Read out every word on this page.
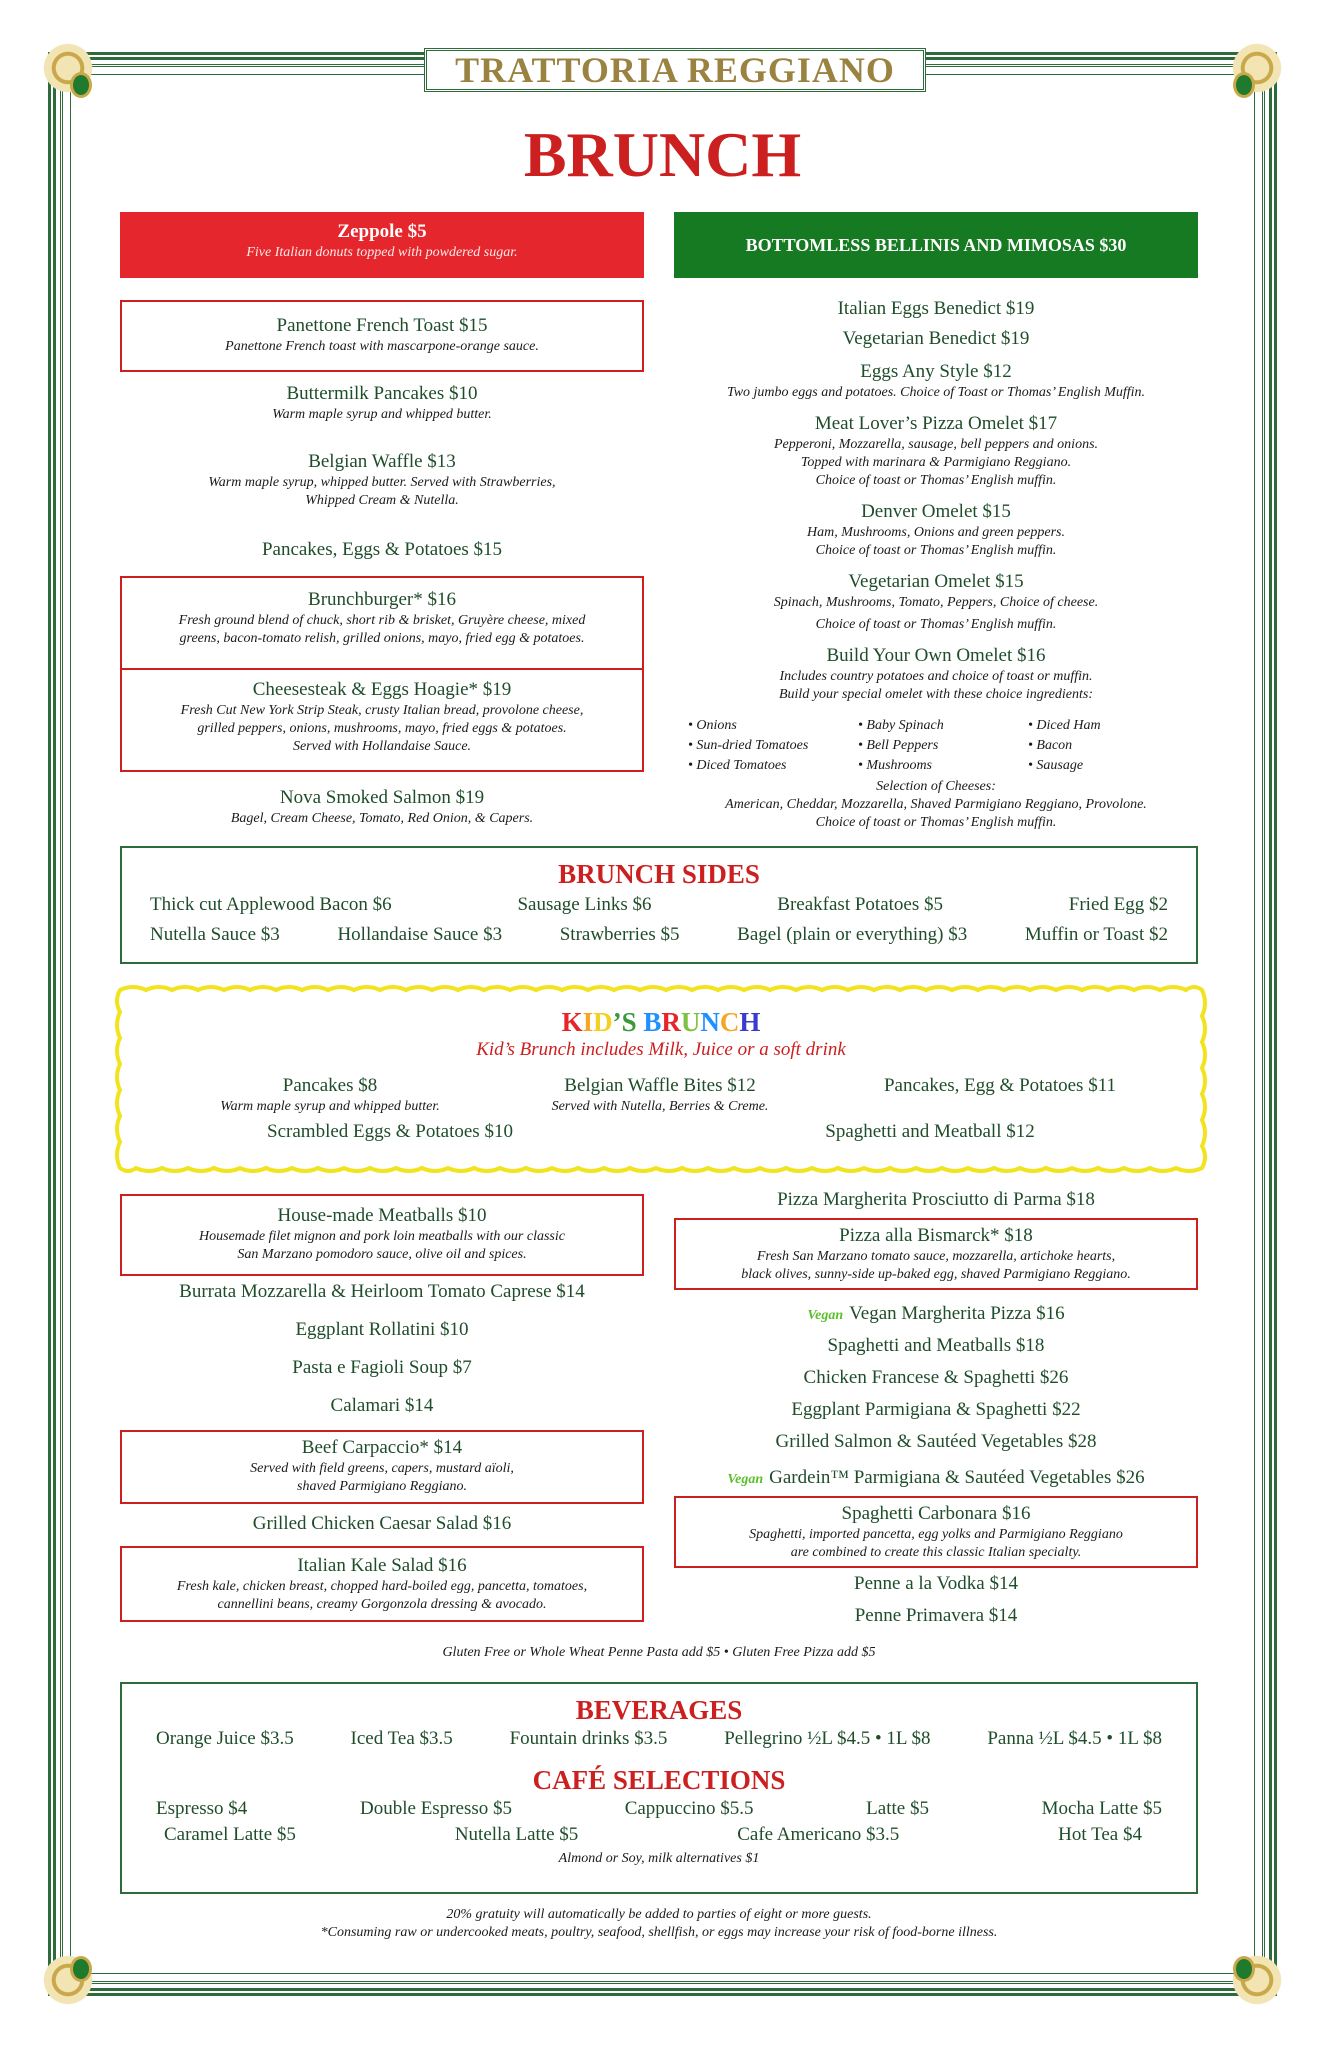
TRATTORIA REGGIANO
BRUNCH
Zeppole $5
Five Italian donuts topped with powdered sugar.	BOTTOMLESS BELLINIS AND MIMOSAS $30
Panettone French Toast $15
Panettone French toast with mascarpone-orange sauce.
Buttermilk Pancakes $10
Warm maple syrup and whipped butter.
Belgian Waffle $13
Warm maple syrup, whipped butter. Served with Strawberries,
Whipped Cream & Nutella.
Pancakes, Eggs & Potatoes $15
Brunchburger* $16
Fresh ground blend of chuck, short rib & brisket, Gruyère cheese, mixed
greens, bacon-tomato relish, grilled onions, mayo, fried egg & potatoes.
Cheesesteak & Eggs Hoagie* $19
Fresh Cut New York Strip Steak, crusty Italian bread, provolone cheese,
grilled peppers, onions, mushrooms, mayo, fried eggs & potatoes.
Served with Hollandaise Sauce.
Nova Smoked Salmon $19
Bagel, Cream Cheese, Tomato, Red Onion, & Capers.
Italian Eggs Benedict $19
Vegetarian Benedict $19
Eggs Any Style $12
Two jumbo eggs and potatoes. Choice of Toast or Thomas’ English Muffin.
Meat Lover’s Pizza Omelet $17
Pepperoni, Mozzarella, sausage, bell peppers and onions.
Topped with marinara & Parmigiano Reggiano.
Choice of toast or Thomas’ English muffin.
Denver Omelet $15
Ham, Mushrooms, Onions and green peppers.
Choice of toast or Thomas’ English muffin.
Vegetarian Omelet $15
Spinach, Mushrooms, Tomato, Peppers, Choice of cheese.
Choice of toast or Thomas’ English muffin.
Build Your Own Omelet $16
Includes country potatoes and choice of toast or muffin.
Build your special omelet with these choice ingredients:
• Onions	• Baby Spinach	• Diced Ham
• Sun-dried Tomatoes	• Bell Peppers	• Bacon
• Diced Tomatoes	• Mushrooms	• Sausage
Selection of Cheeses:
American, Cheddar, Mozzarella, Shaved Parmigiano Reggiano, Provolone.
Choice of toast or Thomas’ English muffin.
BRUNCH SIDES
Thick cut Applewood Bacon $6	Sausage Links $6	Breakfast Potatoes $5	Fried Egg $2
Nutella Sauce $3	Hollandaise Sauce $3	Strawberries $5	Bagel (plain or everything) $3	Muffin or Toast $2
KID’S BRUNCH
Kid’s Brunch includes Milk, Juice or a soft drink
Pancakes $8
Warm maple syrup and whipped butter.
Belgian Waffle Bites $12
Served with Nutella, Berries & Creme.
Pancakes, Egg & Potatoes $11
Scrambled Eggs & Potatoes $10	Spaghetti and Meatball $12
House-made Meatballs $10
Housemade filet mignon and pork loin meatballs with our classic
San Marzano pomodoro sauce, olive oil and spices.
Burrata Mozzarella & Heirloom Tomato Caprese $14
Eggplant Rollatini $10
Pasta e Fagioli Soup $7
Calamari $14
Beef Carpaccio* $14
Served with field greens, capers, mustard aïoli,
shaved Parmigiano Reggiano.
Grilled Chicken Caesar Salad $16
Italian Kale Salad $16
Fresh kale, chicken breast, chopped hard-boiled egg, pancetta, tomatoes,
cannellini beans, creamy Gorgonzola dressing & avocado.
Pizza Margherita Prosciutto di Parma $18
Pizza alla Bismarck* $18
Fresh San Marzano tomato sauce, mozzarella, artichoke hearts,
black olives, sunny-side up-baked egg, shaved Parmigiano Reggiano.
Vegan Vegan Margherita Pizza $16
Spaghetti and Meatballs $18
Chicken Francese & Spaghetti $26
Eggplant Parmigiana & Spaghetti $22
Grilled Salmon & Sautéed Vegetables $28
Vegan Gardein™ Parmigiana & Sautéed Vegetables $26
Spaghetti Carbonara $16
Spaghetti, imported pancetta, egg yolks and Parmigiano Reggiano
are combined to create this classic Italian specialty.
Penne a la Vodka $14
Penne Primavera $14
Gluten Free or Whole Wheat Penne Pasta add $5 • Gluten Free Pizza add $5
BEVERAGES
Orange Juice $3.5	Iced Tea $3.5	Fountain drinks $3.5	Pellegrino ½L $4.5 • 1L $8	Panna ½L $4.5 • 1L $8
CAFÉ SELECTIONS
Espresso $4	Double Espresso $5	Cappuccino $5.5	Latte $5	Mocha Latte $5
Caramel Latte $5	Nutella Latte $5	Cafe Americano $3.5	Hot Tea $4
Almond or Soy, milk alternatives $1
20% gratuity will automatically be added to parties of eight or more guests.
*Consuming raw or undercooked meats, poultry, seafood, shellfish, or eggs may increase your risk of food-borne illness.
